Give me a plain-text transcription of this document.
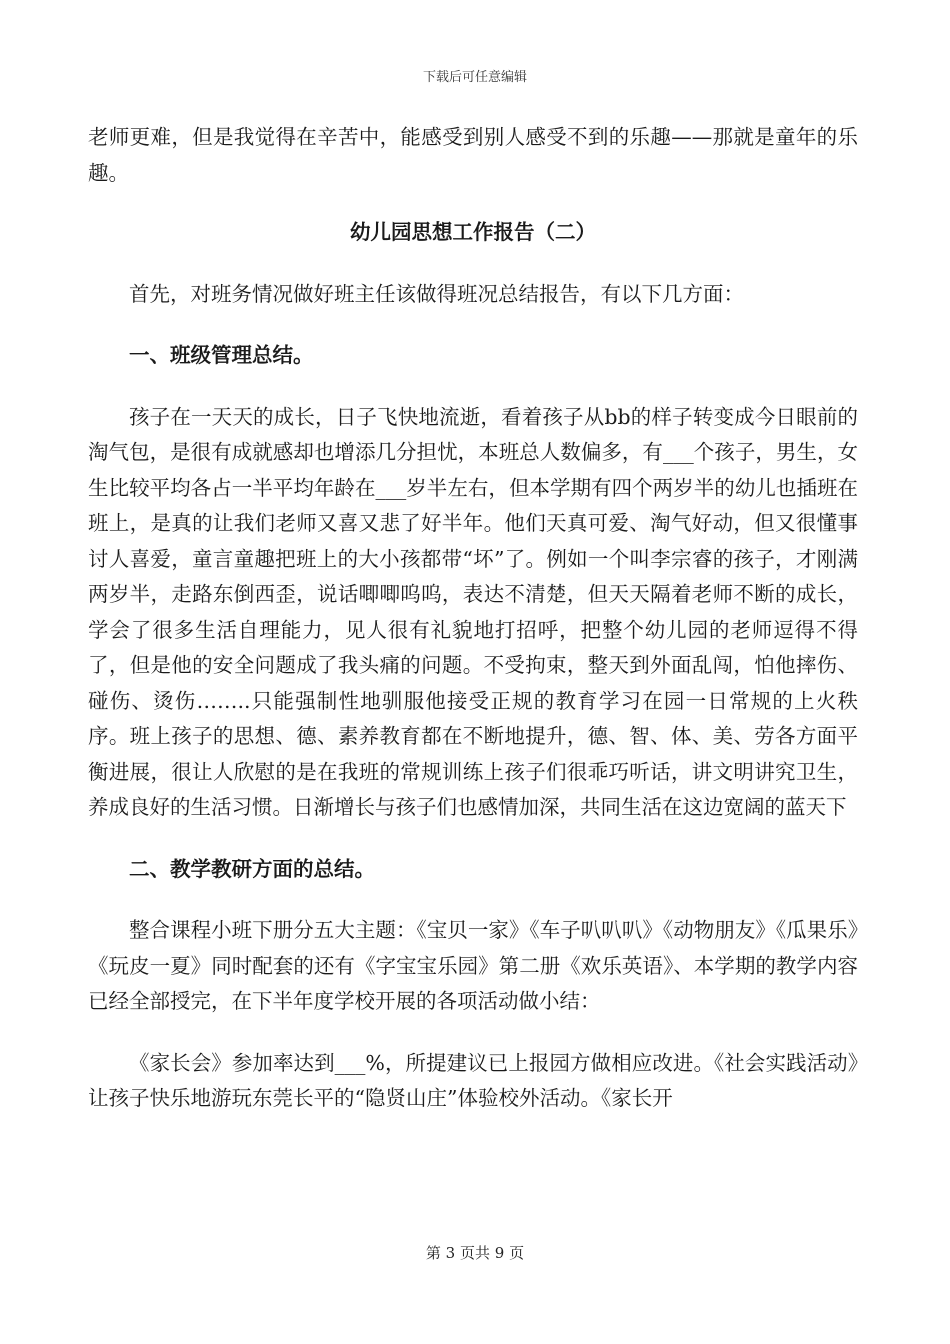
下载后可任意编辑

老师更难，但是我觉得在辛苦中，能感受到别人感受不到的乐趣——那就是童年的乐趣。

幼儿园思想工作报告（二）

首先，对班务情况做好班主任该做得班况总结报告，有以下几方面：

一、班级管理总结。

孩子在一天天的成长，日子飞快地流逝，看着孩子从bb的样子转变成今日眼前的淘气包，是很有成就感却也增添几分担忧，本班总人数偏多，有___个孩子，男生，女生比较平均各占一半平均年龄在___岁半左右，但本学期有四个两岁半的幼儿也插班在班上，是真的让我们老师又喜又悲了好半年。他们天真可爱、淘气好动，但又很懂事讨人喜爱，童言童趣把班上的大小孩都带“坏”了。例如一个叫李宗睿的孩子，才刚满两岁半，走路东倒西歪，说话唧唧呜呜，表达不清楚，但天天隔着老师不断的成长，学会了很多生活自理能力，见人很有礼貌地打招呼，把整个幼儿园的老师逗得不得了，但是他的安全问题成了我头痛的问题。不受拘束，整天到外面乱闯，怕他摔伤、碰伤、烫伤……..只能强制性地驯服他接受正规的教育学习在园一日常规的上火秩序。班上孩子的思想、德、素养教育都在不断地提升，德、智、体、美、劳各方面平衡进展，很让人欣慰的是在我班的常规训练上孩子们很乖巧听话，讲文明讲究卫生，养成良好的生活习惯。日渐增长与孩子们也感情加深，共同生活在这边宽阔的蓝天下

二、教学教研方面的总结。

整合课程小班下册分五大主题：《宝贝一家》《车子叭叭叭》《动物朋友》《瓜果乐》《玩皮一夏》同时配套的还有《字宝宝乐园》第二册《欢乐英语》、本学期的教学内容已经全部授完，在下半年度学校开展的各项活动做小结：

《家长会》参加率达到___%，所提建议已上报园方做相应改进。《社会实践活动》让孩子快乐地游玩东莞长平的“隐贤山庄”体验校外活动。《家长开

第 3 页共 9 页
